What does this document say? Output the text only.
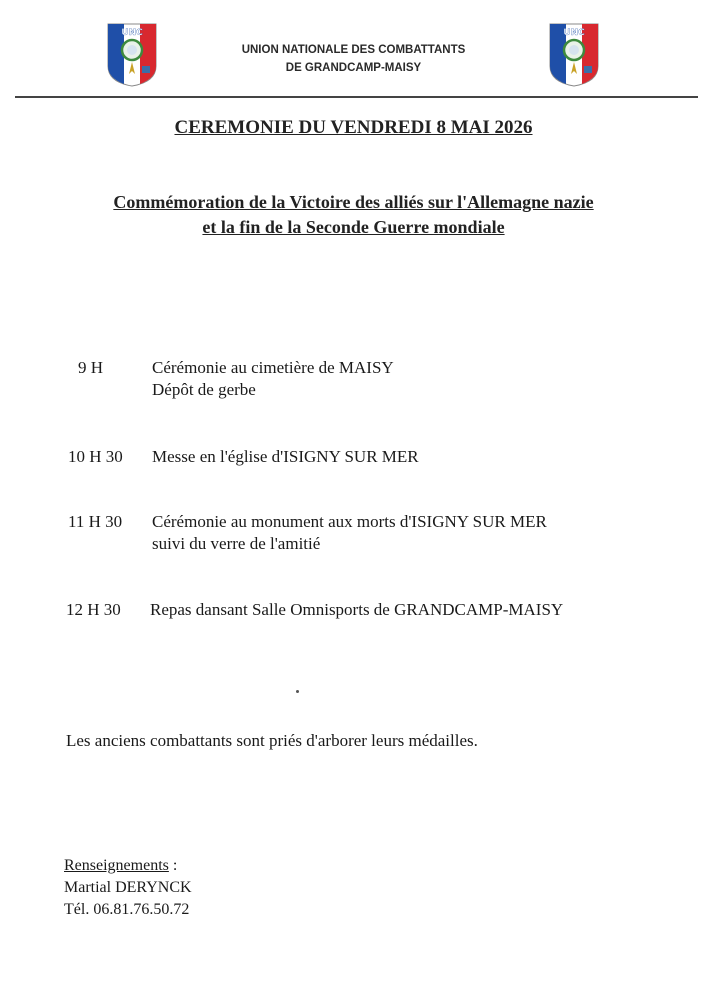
UNC
UNION NATIONALE DES COMBATTANTS
DE GRANDCAMP-MAISY
UNC
CEREMONIE DU VENDREDI 8 MAI 2026
Commémoration de la Victoire des alliés sur l'Allemagne nazie
et la fin de la Seconde Guerre mondiale
9 H	Cérémonie au cimetière de MAISY
Dépôt de gerbe
10 H 30 Messe en l'église d'ISIGNY SUR MER
11 H 30 Cérémonie au monument aux morts d'ISIGNY SUR MER
suivi du verre de l'amitié
12 H 30 Repas dansant Salle Omnisports de GRANDCAMP-MAISY
Les anciens combattants sont priés d'arborer leurs médailles.
Renseignements :
Martial DERYNCK
Tél. 06.81.76.50.72
